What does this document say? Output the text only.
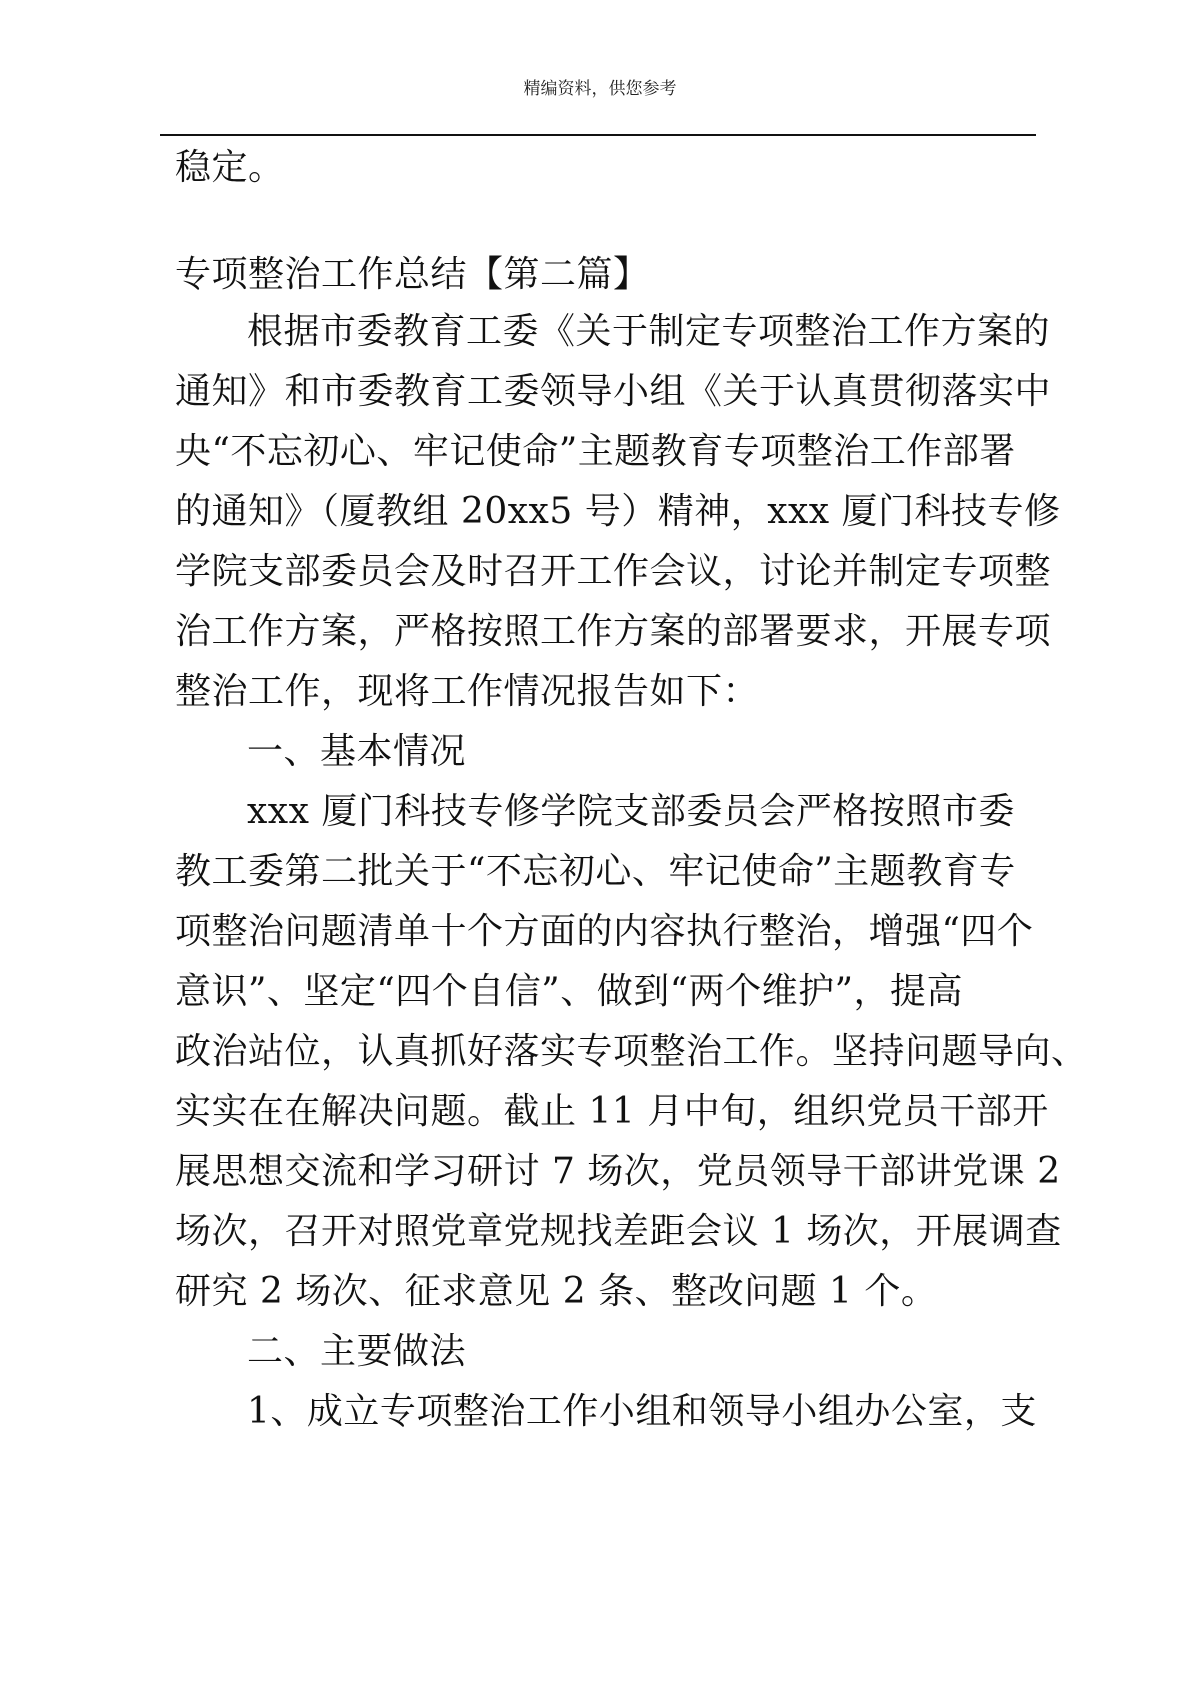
精编资料，供您参考
稳定。
专项整治工作总结【第二篇】
根据市委教育工委《关于制定专项整治工作方案的
通知》和市委教育工委领导小组《关于认真贯彻落实中
央“不忘初心、牢记使命”主题教育专项整治工作部署
的通知》（厦教组 20xx5 号）精神，xxx 厦门科技专修
学院支部委员会及时召开工作会议，讨论并制定专项整
治工作方案，严格按照工作方案的部署要求，开展专项
整治工作，现将工作情况报告如下：
一、基本情况
xxx 厦门科技专修学院支部委员会严格按照市委
教工委第二批关于“不忘初心、牢记使命”主题教育专
项整治问题清单十个方面的内容执行整治，增强“四个
意识”、坚定“四个自信”、做到“两个维护”，提高
政治站位，认真抓好落实专项整治工作。坚持问题导向、
实实在在解决问题。截止 11 月中旬，组织党员干部开
展思想交流和学习研讨 7 场次，党员领导干部讲党课 2
场次，召开对照党章党规找差距会议 1 场次，开展调查
研究 2 场次、征求意见 2 条、整改问题 1 个。
二、主要做法
1、成立专项整治工作小组和领导小组办公室，支
